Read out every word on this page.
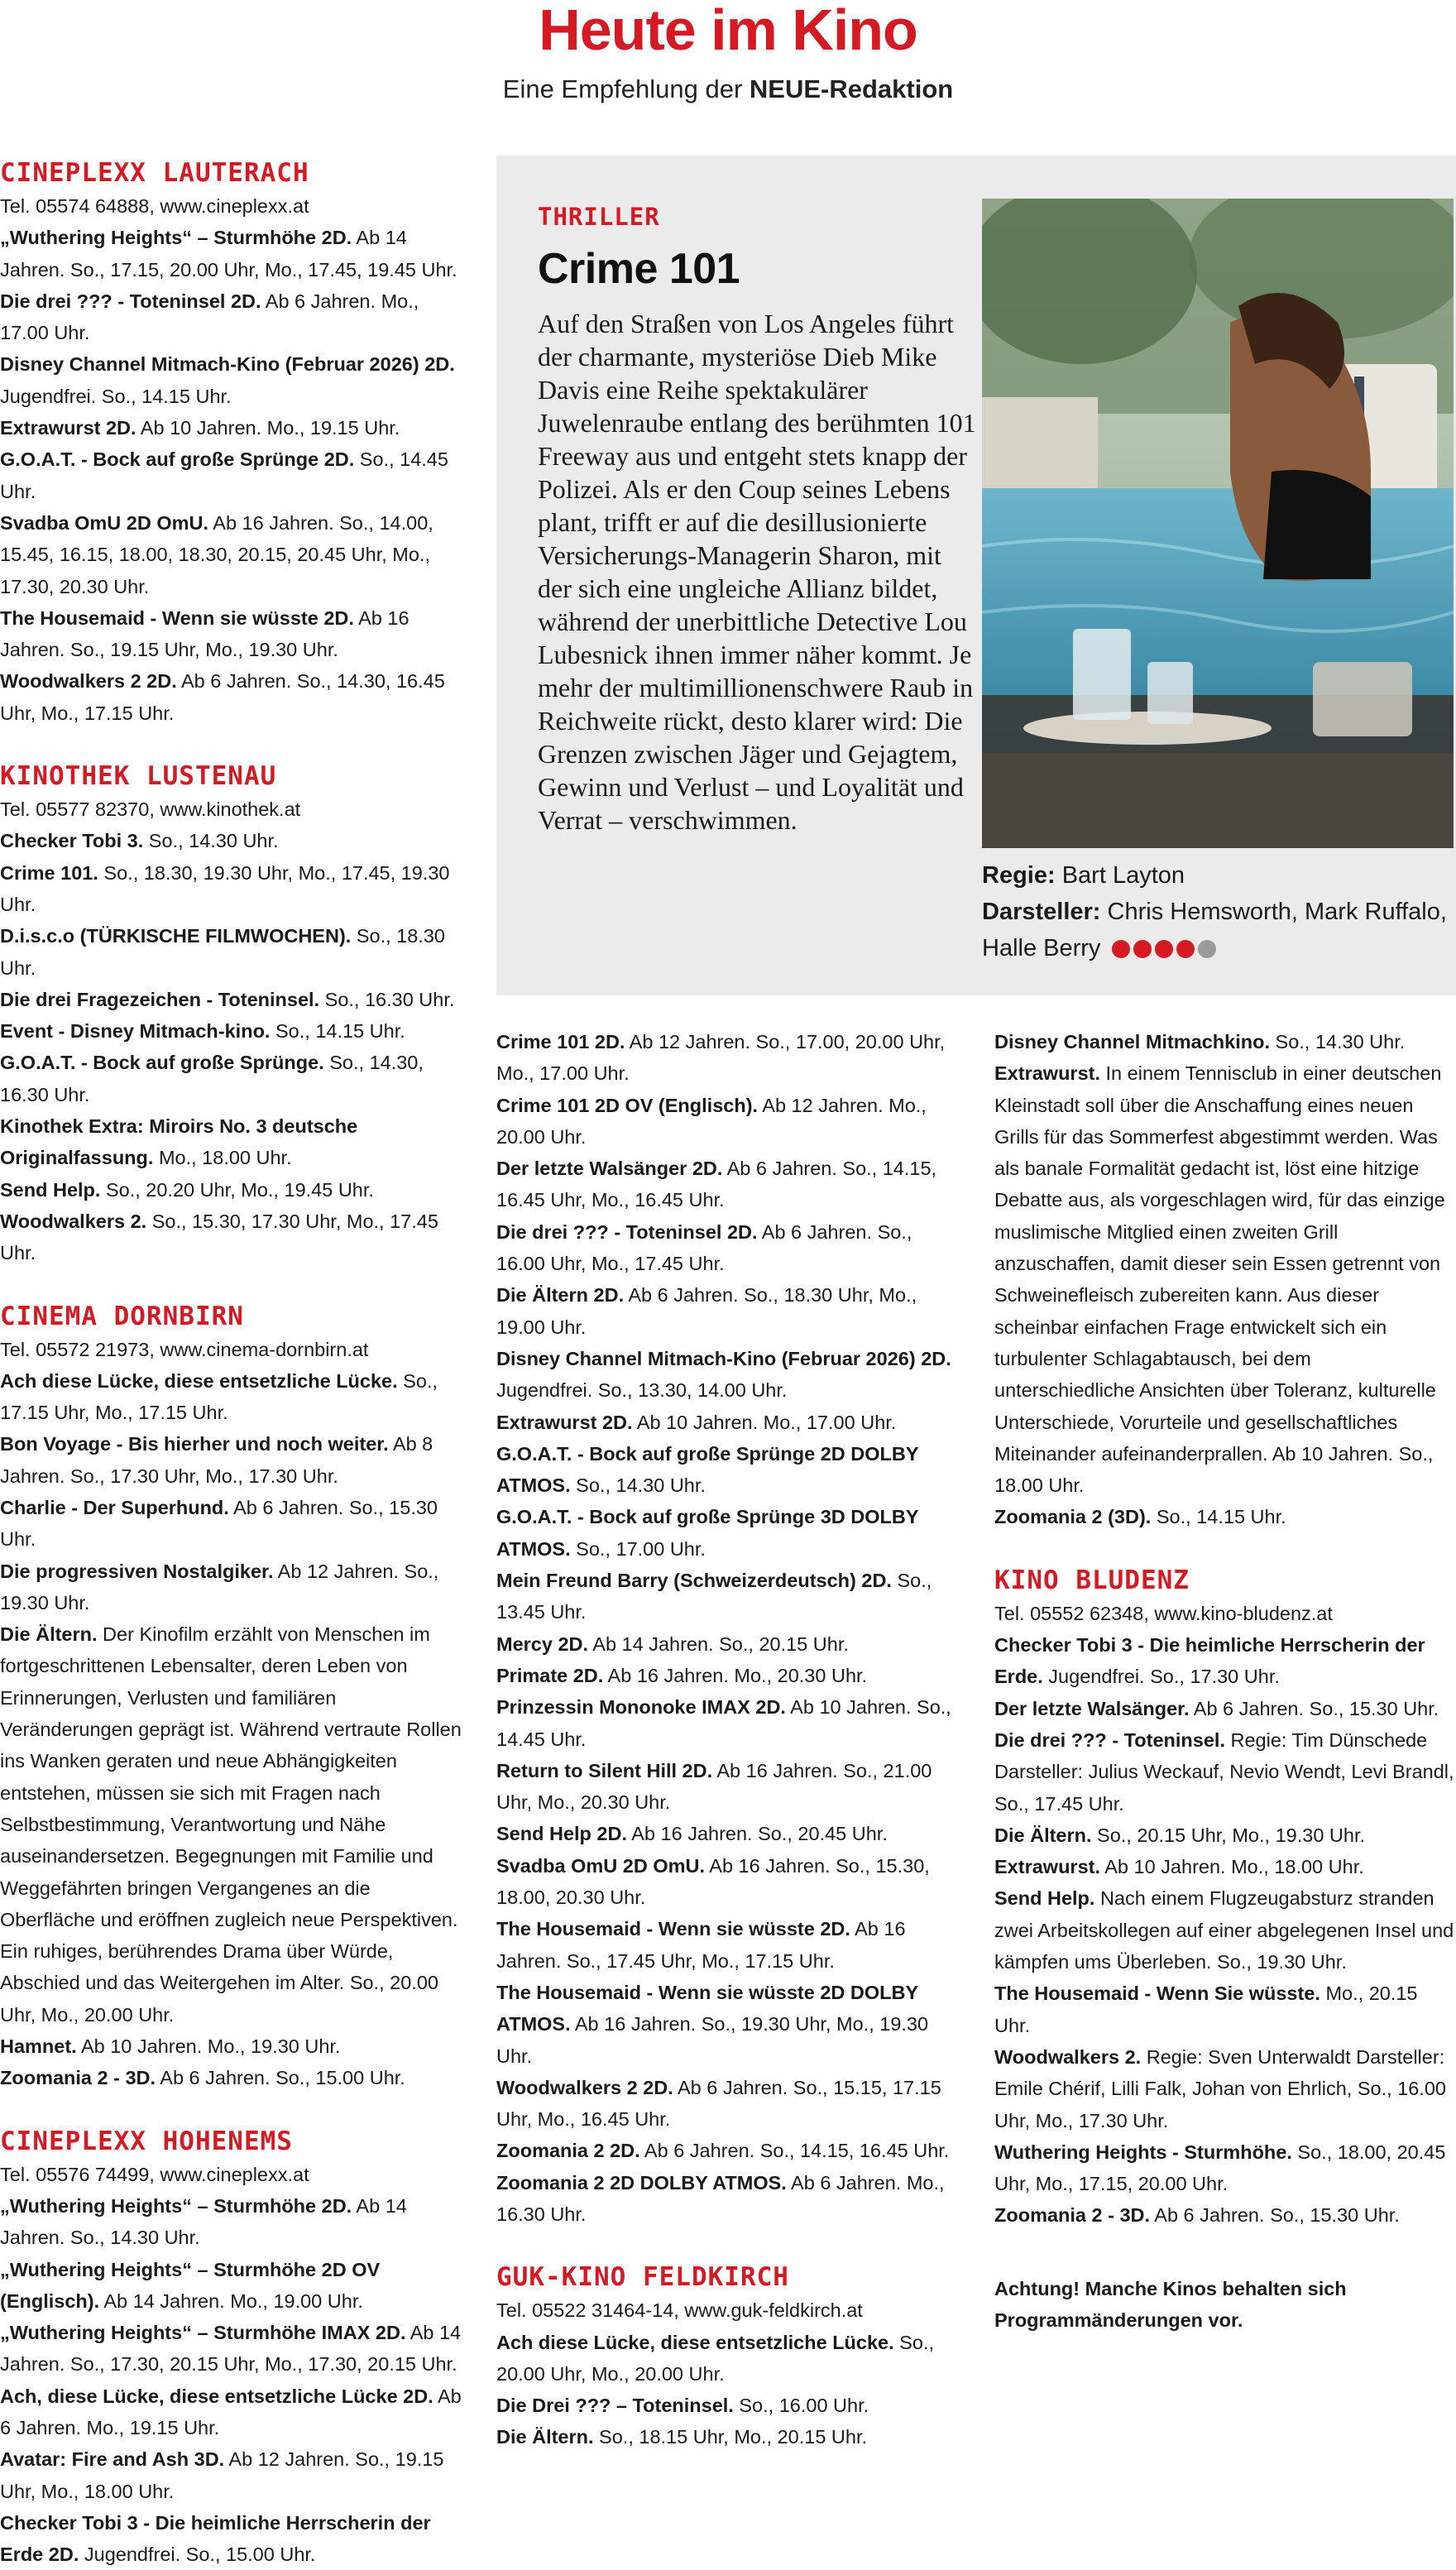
Heute im Kino
Eine Empfehlung der NEUE-Redaktion
CINEPLEXX LAUTERACH
Tel. 05574 64888, www.cineplexx.at
„Wuthering Heights“ – Sturmhöhe 2D. Ab 14 Jahren. So., 17.15, 20.00 Uhr, Mo., 17.45, 19.45 Uhr.
Die drei ??? - Toteninsel 2D. Ab 6 Jahren. Mo., 17.00 Uhr.
Disney Channel Mitmach-Kino (Februar 2026) 2D. Jugendfrei. So., 14.15 Uhr.
Extrawurst 2D. Ab 10 Jahren. Mo., 19.15 Uhr.
G.O.A.T. - Bock auf große Sprünge 2D. So., 14.45 Uhr.
Svadba OmU 2D OmU. Ab 16 Jahren. So., 14.00, 15.45, 16.15, 18.00, 18.30, 20.15, 20.45 Uhr, Mo., 17.30, 20.30 Uhr.
The Housemaid - Wenn sie wüsste 2D. Ab 16 Jahren. So., 19.15 Uhr, Mo., 19.30 Uhr.
Woodwalkers 2 2D. Ab 6 Jahren. So., 14.30, 16.45 Uhr, Mo., 17.15 Uhr.
KINOTHEK LUSTENAU
Tel. 05577 82370, www.kinothek.at
Checker Tobi 3. So., 14.30 Uhr.
Crime 101. So., 18.30, 19.30 Uhr, Mo., 17.45, 19.30 Uhr.
D.i.s.c.o (TÜRKISCHE FILMWOCHEN). So., 18.30 Uhr.
Die drei Fragezeichen - Toteninsel. So., 16.30 Uhr.
Event - Disney Mitmach-kino. So., 14.15 Uhr.
G.O.A.T. - Bock auf große Sprünge. So., 14.30, 16.30 Uhr.
Kinothek Extra: Miroirs No. 3 deutsche Originalfassung. Mo., 18.00 Uhr.
Send Help. So., 20.20 Uhr, Mo., 19.45 Uhr.
Woodwalkers 2. So., 15.30, 17.30 Uhr, Mo., 17.45 Uhr.
CINEMA DORNBIRN
Tel. 05572 21973, www.cinema-dornbirn.at
Ach diese Lücke, diese entsetzliche Lücke. So., 17.15 Uhr, Mo., 17.15 Uhr.
Bon Voyage - Bis hierher und noch weiter. Ab 8 Jahren. So., 17.30 Uhr, Mo., 17.30 Uhr.
Charlie - Der Superhund. Ab 6 Jahren. So., 15.30 Uhr.
Die progressiven Nostalgiker. Ab 12 Jahren. So., 19.30 Uhr.
Die Ältern. Der Kinofilm erzählt von Menschen im fortgeschrittenen Lebensalter, deren Leben von Erinnerungen, Verlusten und familiären Veränderungen geprägt ist. Während vertraute Rollen ins Wanken geraten und neue Abhängigkeiten entstehen, müssen sie sich mit Fragen nach Selbstbestimmung, Verantwortung und Nähe auseinandersetzen. Begegnungen mit Familie und Weggefährten bringen Vergangenes an die Oberfläche und eröffnen zugleich neue Perspektiven. Ein ruhiges, berührendes Drama über Würde, Abschied und das Weitergehen im Alter. So., 20.00 Uhr, Mo., 20.00 Uhr.
Hamnet. Ab 10 Jahren. Mo., 19.30 Uhr.
Zoomania 2 - 3D. Ab 6 Jahren. So., 15.00 Uhr.
CINEPLEXX HOHENEMS
Tel. 05576 74499, www.cineplexx.at
„Wuthering Heights“ – Sturmhöhe 2D. Ab 14 Jahren. So., 14.30 Uhr.
„Wuthering Heights“ – Sturmhöhe 2D OV (Englisch). Ab 14 Jahren. Mo., 19.00 Uhr.
„Wuthering Heights“ – Sturmhöhe IMAX 2D. Ab 14 Jahren. So., 17.30, 20.15 Uhr, Mo., 17.30, 20.15 Uhr.
Ach, diese Lücke, diese entsetzliche Lücke 2D. Ab 6 Jahren. Mo., 19.15 Uhr.
Avatar: Fire and Ash 3D. Ab 12 Jahren. So., 19.15 Uhr, Mo., 18.00 Uhr.
Checker Tobi 3 - Die heimliche Herrscherin der Erde 2D. Jugendfrei. So., 15.00 Uhr.
THRILLER
Crime 101
Auf den Straßen von Los Angeles führt der charmante, mysteriöse Dieb Mike Davis eine Reihe spektakulärer Juwelenraube entlang des berühmten 101 Freeway aus und entgeht stets knapp der Polizei. Als er den Coup seines Lebens plant, trifft er auf die desillusionierte Versicherungs-Managerin Sharon, mit der sich eine ungleiche Allianz bildet, während der unerbittliche Detective Lou Lubesnick ihnen immer näher kommt. Je mehr der multimillionenschwere Raub in Reichweite rückt, desto klarer wird: Die Grenzen zwischen Jäger und Gejagtem, Gewinn und Verlust – und Loyalität und Verrat – verschwimmen.
Regie: Bart Layton
Darsteller: Chris Hemsworth, Mark Ruffalo, Halle Berry
Crime 101 2D. Ab 12 Jahren. So., 17.00, 20.00 Uhr, Mo., 17.00 Uhr.
Crime 101 2D OV (Englisch). Ab 12 Jahren. Mo., 20.00 Uhr.
Der letzte Walsänger 2D. Ab 6 Jahren. So., 14.15, 16.45 Uhr, Mo., 16.45 Uhr.
Die drei ??? - Toteninsel 2D. Ab 6 Jahren. So., 16.00 Uhr, Mo., 17.45 Uhr.
Die Ältern 2D. Ab 6 Jahren. So., 18.30 Uhr, Mo., 19.00 Uhr.
Disney Channel Mitmach-Kino (Februar 2026) 2D. Jugendfrei. So., 13.30, 14.00 Uhr.
Extrawurst 2D. Ab 10 Jahren. Mo., 17.00 Uhr.
G.O.A.T. - Bock auf große Sprünge 2D DOLBY ATMOS. So., 14.30 Uhr.
G.O.A.T. - Bock auf große Sprünge 3D DOLBY ATMOS. So., 17.00 Uhr.
Mein Freund Barry (Schweizerdeutsch) 2D. So., 13.45 Uhr.
Mercy 2D. Ab 14 Jahren. So., 20.15 Uhr.
Primate 2D. Ab 16 Jahren. Mo., 20.30 Uhr.
Prinzessin Mononoke IMAX 2D. Ab 10 Jahren. So., 14.45 Uhr.
Return to Silent Hill 2D. Ab 16 Jahren. So., 21.00 Uhr, Mo., 20.30 Uhr.
Send Help 2D. Ab 16 Jahren. So., 20.45 Uhr.
Svadba OmU 2D OmU. Ab 16 Jahren. So., 15.30, 18.00, 20.30 Uhr.
The Housemaid - Wenn sie wüsste 2D. Ab 16 Jahren. So., 17.45 Uhr, Mo., 17.15 Uhr.
The Housemaid - Wenn sie wüsste 2D DOLBY ATMOS. Ab 16 Jahren. So., 19.30 Uhr, Mo., 19.30 Uhr.
Woodwalkers 2 2D. Ab 6 Jahren. So., 15.15, 17.15 Uhr, Mo., 16.45 Uhr.
Zoomania 2 2D. Ab 6 Jahren. So., 14.15, 16.45 Uhr.
Zoomania 2 2D DOLBY ATMOS. Ab 6 Jahren. Mo., 16.30 Uhr.
GUK-KINO FELDKIRCH
Tel. 05522 31464-14, www.guk-feldkirch.at
Ach diese Lücke, diese entsetzliche Lücke. So., 20.00 Uhr, Mo., 20.00 Uhr.
Die Drei ??? – Toteninsel. So., 16.00 Uhr.
Die Ältern. So., 18.15 Uhr, Mo., 20.15 Uhr.
Disney Channel Mitmachkino. So., 14.30 Uhr.
Extrawurst. In einem Tennisclub in einer deutschen Kleinstadt soll über die Anschaffung eines neuen Grills für das Sommerfest abgestimmt werden. Was als banale Formalität gedacht ist, löst eine hitzige Debatte aus, als vorgeschlagen wird, für das einzige muslimische Mitglied einen zweiten Grill anzuschaffen, damit dieser sein Essen getrennt von Schweinefleisch zubereiten kann. Aus dieser scheinbar einfachen Frage entwickelt sich ein turbulenter Schlagabtausch, bei dem unterschiedliche Ansichten über Toleranz, kulturelle Unterschiede, Vorurteile und gesellschaftliches Miteinander aufeinanderprallen. Ab 10 Jahren. So., 18.00 Uhr.
Zoomania 2 (3D). So., 14.15 Uhr.
KINO BLUDENZ
Tel. 05552 62348, www.kino-bludenz.at
Checker Tobi 3 - Die heimliche Herrscherin der Erde. Jugendfrei. So., 17.30 Uhr.
Der letzte Walsänger. Ab 6 Jahren. So., 15.30 Uhr.
Die drei ??? - Toteninsel. Regie: Tim Dünschede Darsteller: Julius Weckauf, Nevio Wendt, Levi Brandl, So., 17.45 Uhr.
Die Ältern. So., 20.15 Uhr, Mo., 19.30 Uhr.
Extrawurst. Ab 10 Jahren. Mo., 18.00 Uhr.
Send Help. Nach einem Flugzeugabsturz stranden zwei Arbeitskollegen auf einer abgelegenen Insel und kämpfen ums Überleben. So., 19.30 Uhr.
The Housemaid - Wenn Sie wüsste. Mo., 20.15 Uhr.
Woodwalkers 2. Regie: Sven Unterwaldt Darsteller: Emile Chérif, Lilli Falk, Johan von Ehrlich, So., 16.00 Uhr, Mo., 17.30 Uhr.
Wuthering Heights - Sturmhöhe. So., 18.00, 20.45 Uhr, Mo., 17.15, 20.00 Uhr.
Zoomania 2 - 3D. Ab 6 Jahren. So., 15.30 Uhr.
Achtung! Manche Kinos behalten sich Programmänderungen vor.
